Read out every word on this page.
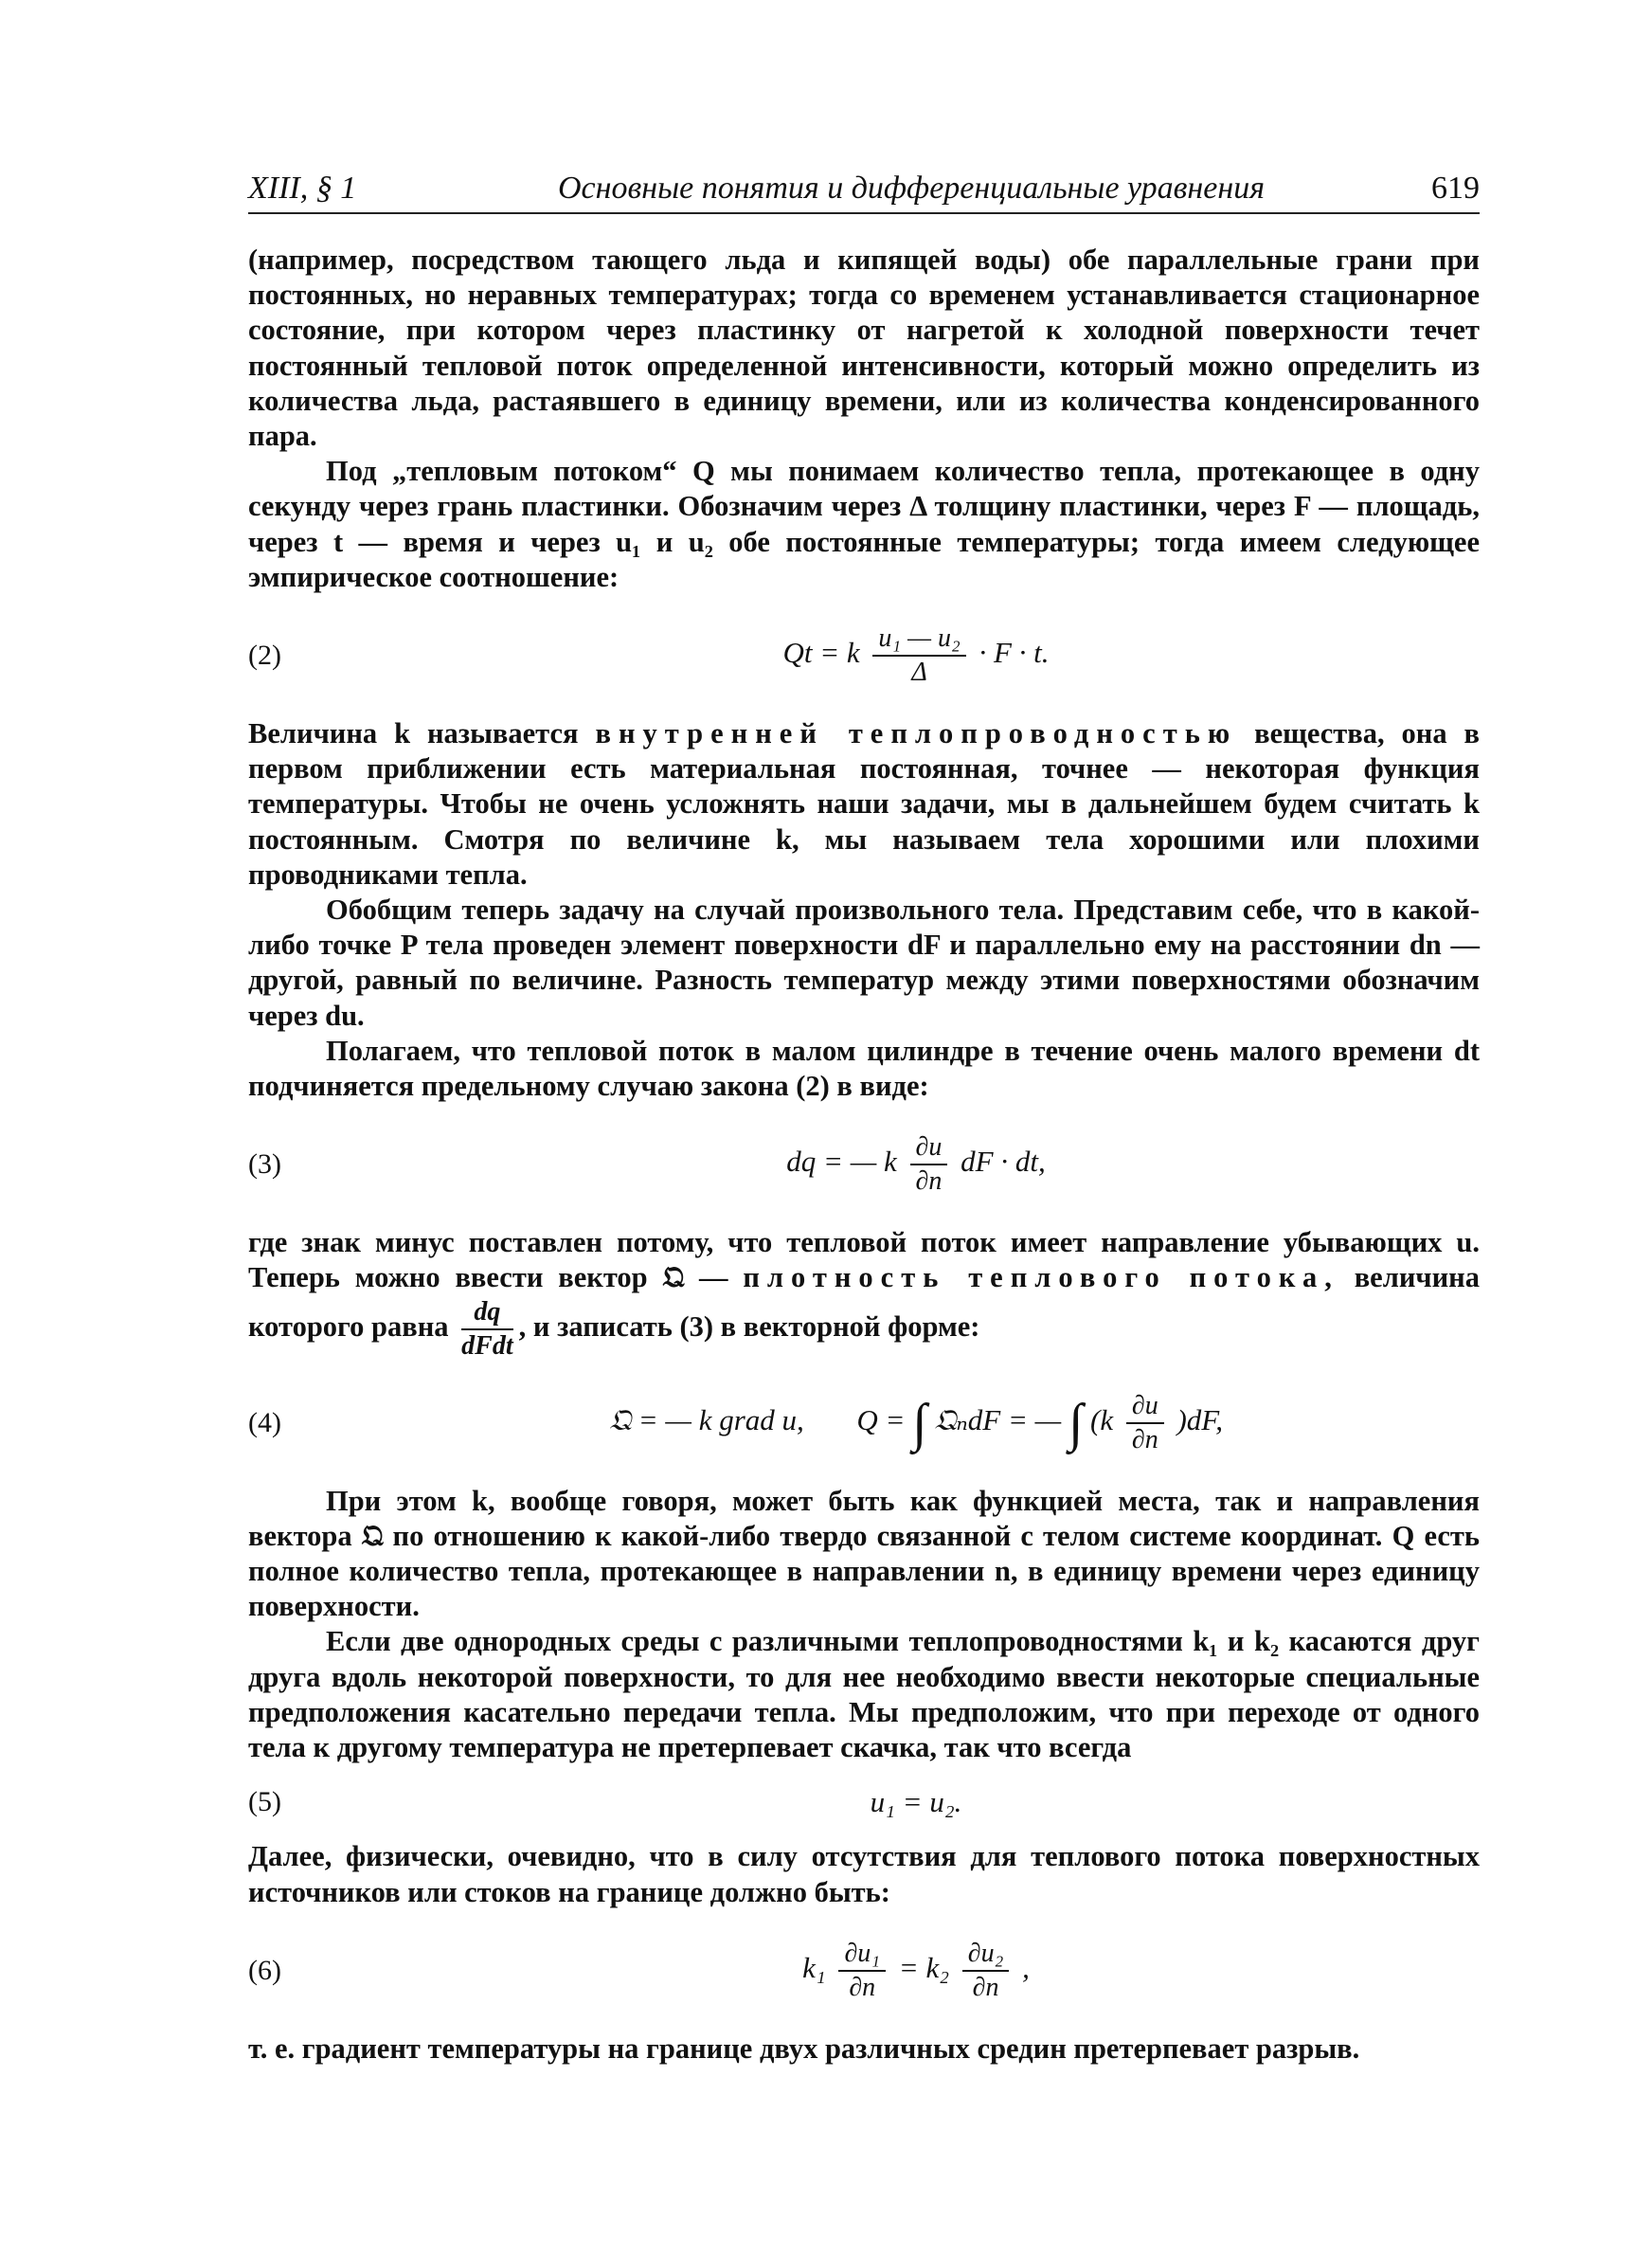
XIII, § 1	Основные понятия и дифференциальные уравнения	619

(например, посредством тающего льда и кипящей воды) обе параллельные грани при постоянных, но неравных температурах; тогда со временем устанавливается стационарное состояние, при котором через пластинку от нагретой к холодной поверхности течет постоянный тепловой поток определенной интенсивности, который можно определить из количества льда, растаявшего в единицу времени, или из количества конденсированного пара.

Под „тепловым потоком“ Q мы понимаем количество тепла, протекающее в одну секунду через грань пластинки. Обозначим через Δ толщину пластинки, через F — площадь, через t — время и через u₁ и u₂ обе постоянные температуры; тогда имеем следующее эмпирическое соотношение:

(2)	Qt = k $\frac{\text{u₁ — u₂}}{\Delta} \cdot F \cdot t$.

Величина k называется внутренней теплопроводностью вещества, она в первом приближении есть материальная постоянная, точнее — некоторая функция температуры. Чтобы не очень усложнять наши задачи, мы в дальнейшем будем считать k постоянным. Смотря по величине k, мы называем тела хорошими или плохими проводниками тепла.

Обобщим теперь задачу на случай произвольного тела. Представим себе, что в какой-либо точке P тела проведен элемент поверхности dF и параллельно ему на расстоянии dn — другой, равный по величине. Разность температур между этими поверхностями обозначим через du.

Полагаем, что тепловой поток в малом цилиндре в течение очень малого времени dt подчиняется предельному случаю закона (2) в виде:

(3)	dq = — k $\frac{\partial u}{\partial n}$ dF · dt,

где знак минус поставлен потому, что тепловой поток имеет направление убывающих u. Теперь можно ввести вектор 𝔔 — плотность теплового потока, величина которого равна $\frac{dq}{\text{dFdt}}$ , и записать (3) в векторной форме:

(4)	𝔔 = — k grad u, Q = ∫ 𝔔ₙdF = — ∫ $(k \frac{\partial u}{\partial n} )dF$,

При этом k, вообще говоря, может быть как функцией места, так и направления вектора 𝔔 по отношению к какой-либо твердо связанной с телом системе координат. Q есть полное количество тепла, протекающее в направлении n, в единицу времени через единицу поверхности.

Если две однородных среды с различными теплопроводностями k₁ и k₂ касаются друг друга вдоль некоторой поверхности, то для нее необходимо ввести некоторые специальные предположения касательно передачи тепла. Мы предположим, что при переходе от одного тела к другому температура не претерпевает скачка, так что всегда

(5)	u₁ = u₂.

Далее, физически, очевидно, что в силу отсутствия для теплового потока поверхностных источников или стоков на границе должно быть:

(6)	$k_1 \frac{\text{∂u₁}}{\partial n} = k_2 \frac{\text{∂u₂}}{\partial n}$ ,

т. е. градиент температуры на границе двух различных средин претерпевает разрыв.
